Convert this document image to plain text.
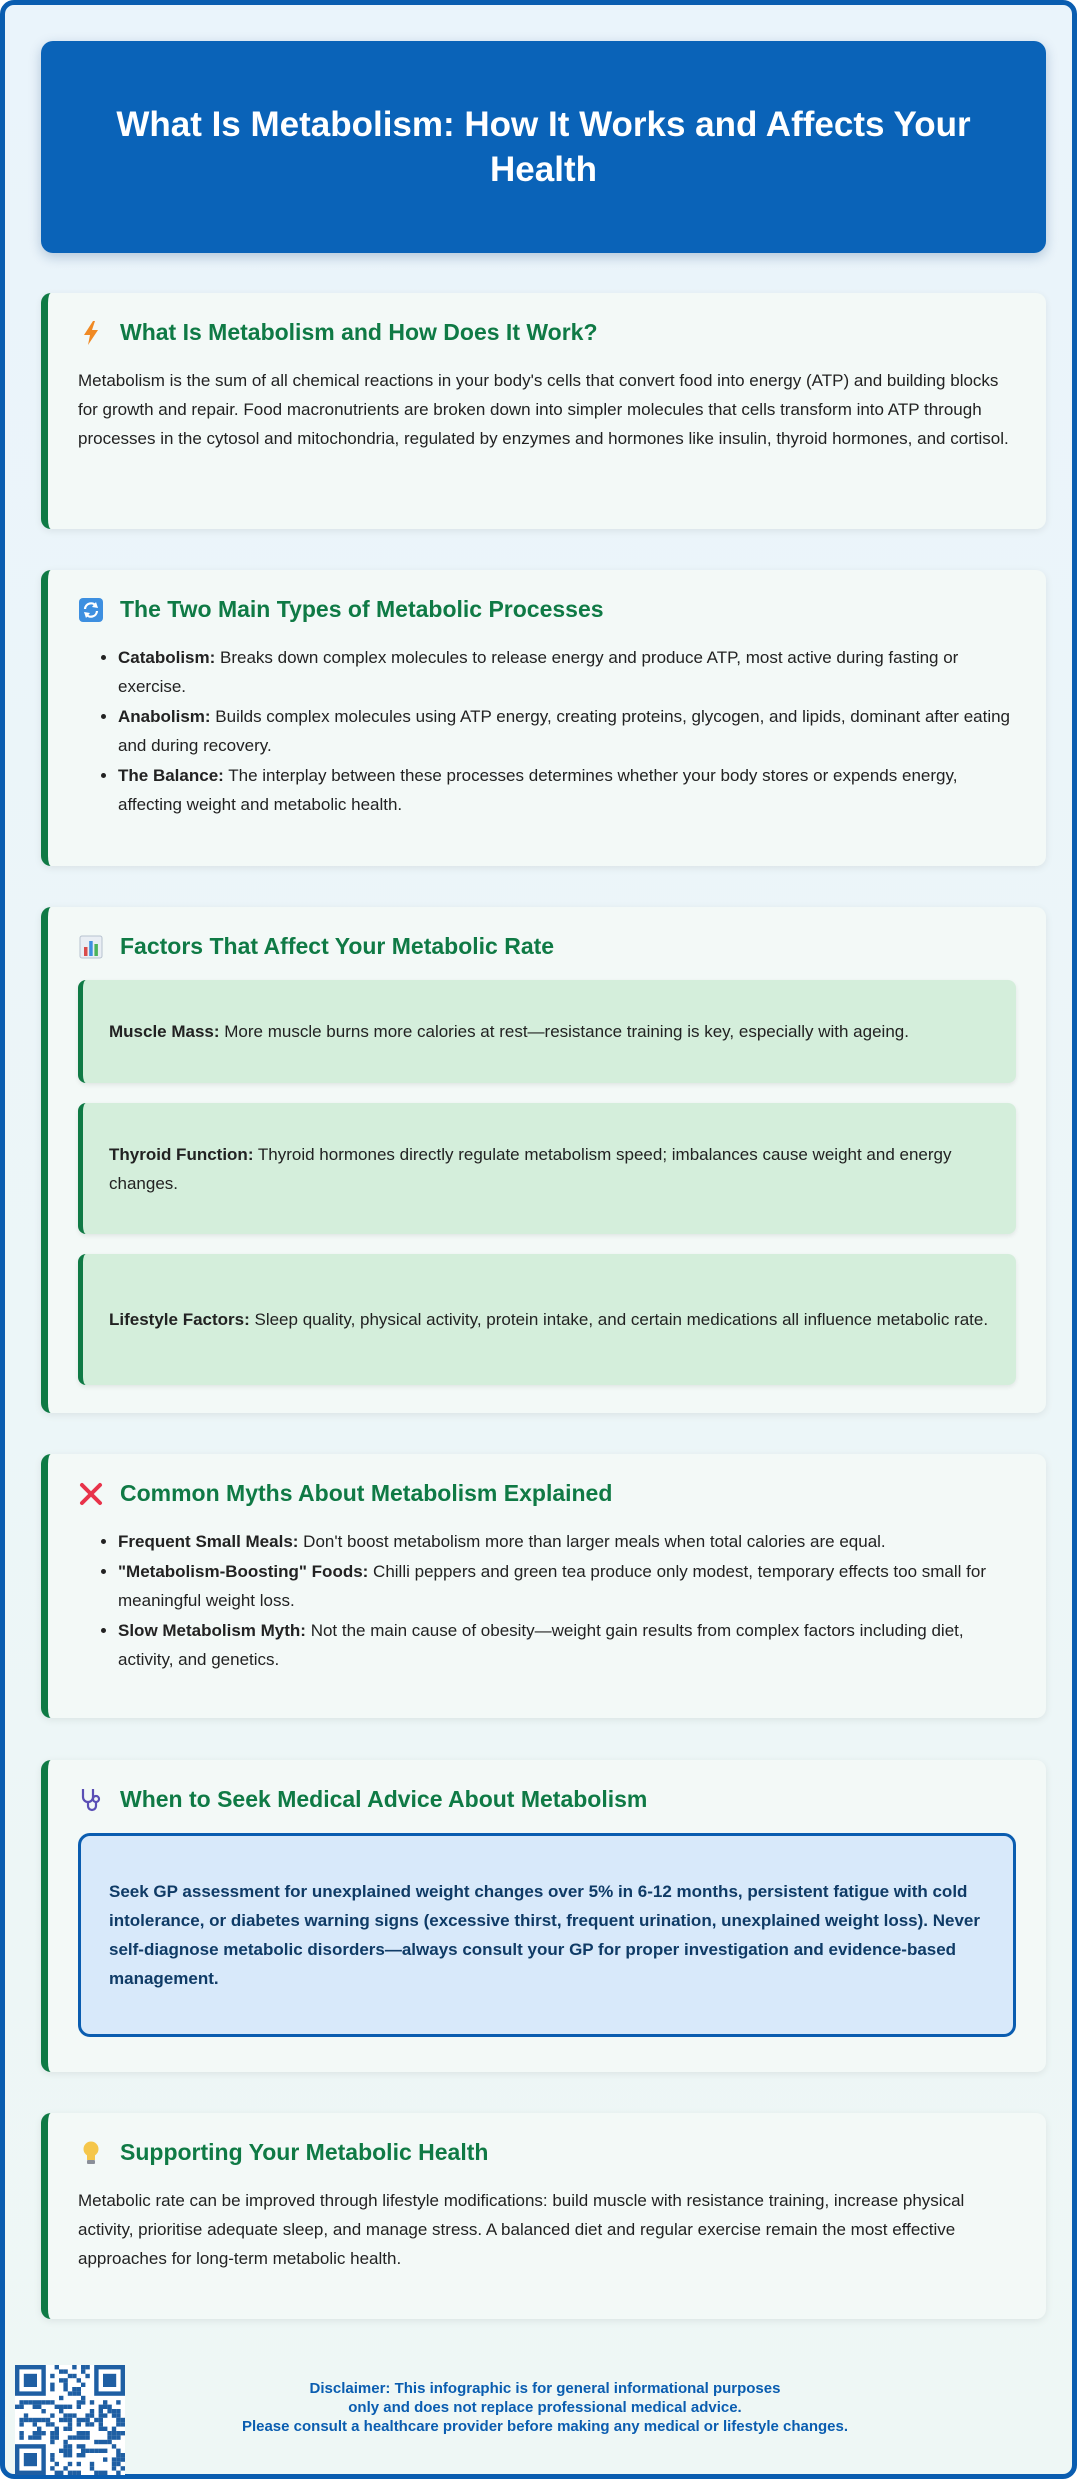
What Is Metabolism: How It Works and Affects Your Health
What Is Metabolism and How Does It Work?

Metabolism is the sum of all chemical reactions in your body's cells that convert food into energy (ATP) and building blocks for growth and repair. Food macronutrients are broken down into simpler molecules that cells transform into ATP through processes in the cytosol and mitochondria, regulated by enzymes and hormones like insulin, thyroid hormones, and cortisol.

The Two Main Types of Metabolic Processes
• Catabolism: Breaks down complex molecules to release energy and produce ATP, most active during fasting or exercise.
• Anabolism: Builds complex molecules using ATP energy, creating proteins, glycogen, and lipids, dominant after eating and during recovery.
• The Balance: The interplay between these processes determines whether your body stores or expends energy, affecting weight and metabolic health.
Factors That Affect Your Metabolic Rate

Muscle Mass: More muscle burns more calories at rest—resistance training is key, especially with ageing.

Thyroid Function: Thyroid hormones directly regulate metabolism speed; imbalances cause weight and energy changes.

Lifestyle Factors: Sleep quality, physical activity, protein intake, and certain medications all influence metabolic rate.

Common Myths About Metabolism Explained
• Frequent Small Meals: Don't boost metabolism more than larger meals when total calories are equal.
• "Metabolism-Boosting" Foods: Chilli peppers and green tea produce only modest, temporary effects too small for meaningful weight loss.
• Slow Metabolism Myth: Not the main cause of obesity—weight gain results from complex factors including diet, activity, and genetics.
When to Seek Medical Advice About Metabolism

Seek GP assessment for unexplained weight changes over 5% in 6-12 months, persistent fatigue with cold intolerance, or diabetes warning signs (excessive thirst, frequent urination, unexplained weight loss). Never self-diagnose metabolic disorders—always consult your GP for proper investigation and evidence-based management.

Supporting Your Metabolic Health

Metabolic rate can be improved through lifestyle modifications: build muscle with resistance training, increase physical activity, prioritise adequate sleep, and manage stress. A balanced diet and regular exercise remain the most effective approaches for long-term metabolic health.

Disclaimer: This infographic is for general informational purposes
only and does not replace professional medical advice.
Please consult a healthcare provider before making any medical or lifestyle changes.
